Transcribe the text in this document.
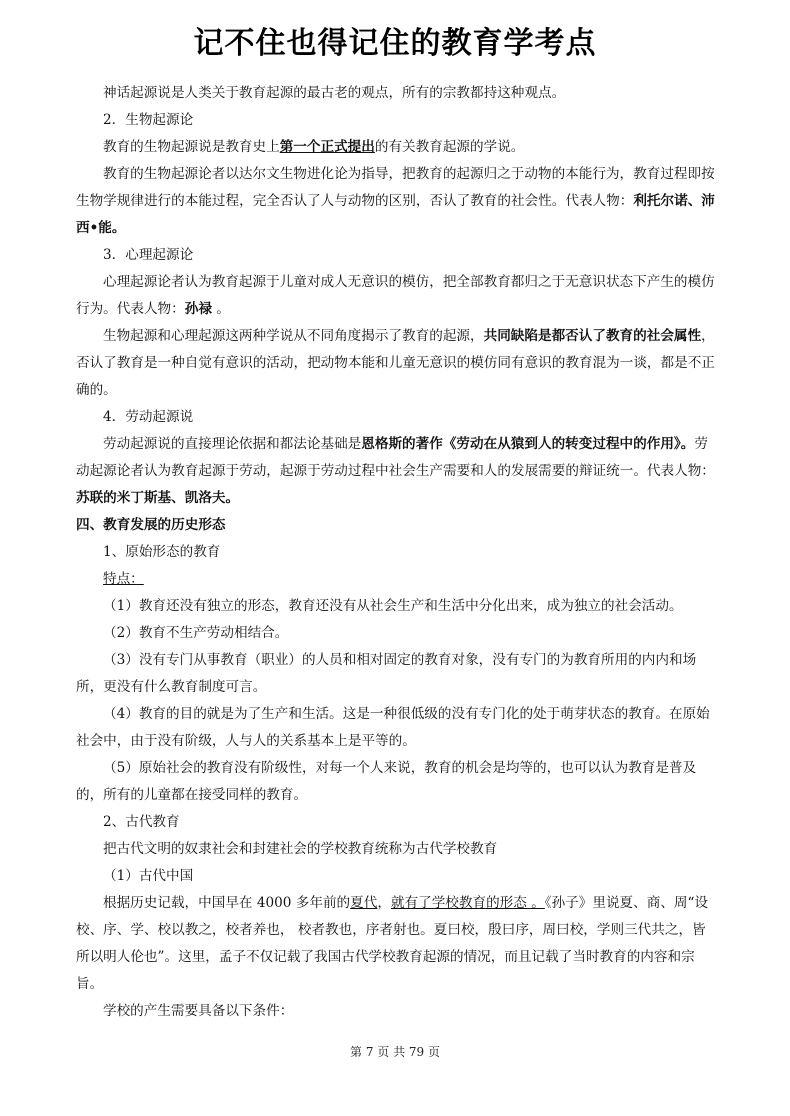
记不住也得记住的教育学考点

神话起源说是人类关于教育起源的最古老的观点，所有的宗教都持这种观点。

2．生物起源论

教育的生物起源说是教育史上第一个正式提出的有关教育起源的学说。

教育的生物起源论者以达尔文生物进化论为指导，把教育的起源归之于动物的本能行为，教育过程即按生物学规律进行的本能过程，完全否认了人与动物的区别，否认了教育的社会性。代表人物：利托尔诺、沛西•能。

3．心理起源论

心理起源论者认为教育起源于儿童对成人无意识的模仿，把全部教育都归之于无意识状态下产生的模仿行为。代表人物：孙禄 。

生物起源和心理起源这两种学说从不同角度揭示了教育的起源，共同缺陷是都否认了教育的社会属性，否认了教育是一种自觉有意识的活动，把动物本能和儿童无意识的模仿同有意识的教育混为一谈，都是不正确的。

4．劳动起源说

劳动起源说的直接理论依据和都法论基础是恩格斯的著作《劳动在从猿到人的转变过程中的作用》。劳动起源论者认为教育起源于劳动，起源于劳动过程中社会生产需要和人的发展需要的辩证统一。代表人物：苏联的米丁斯基、凯洛夫。

四、教育发展的历史形态

1、原始形态的教育

特点：

（1）教育还没有独立的形态，教育还没有从社会生产和生活中分化出来，成为独立的社会活动。

（2）教育不生产劳动相结合。

（3）没有专门从事教育（职业）的人员和相对固定的教育对象，没有专门的为教育所用的内内和场所，更没有什么教育制度可言。

（4）教育的目的就是为了生产和生活。这是一种很低级的没有专门化的处于萌芽状态的教育。在原始社会中，由于没有阶级，人与人的关系基本上是平等的。

（5）原始社会的教育没有阶级性，对每一个人来说，教育的机会是均等的，也可以认为教育是普及的，所有的儿童都在接受同样的教育。

2、古代教育

把古代文明的奴隶社会和封建社会的学校教育统称为古代学校教育

（1）古代中国

根据历史记载，中国早在 4000 多年前的夏代，就有了学校教育的形态 。《孙子》里说夏、商、周“设校、序、学、校以教之，校者养也， 校者教也，序者射也。夏曰校，殷曰序，周曰校，学则三代共之，皆所以明人伦也”。这里，孟子不仅记载了我国古代学校教育起源的情况，而且记载了当时教育的内容和宗旨。

学校的产生需要具备以下条件：

第 7 页 共 79 页
